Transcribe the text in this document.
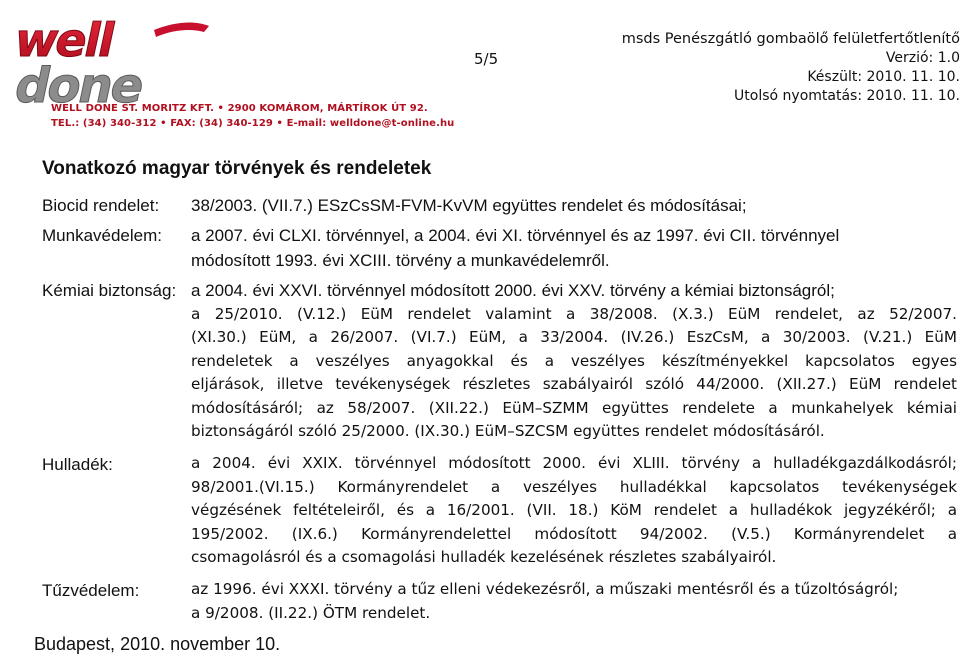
well
done
WELL DONE ST. MORITZ KFT. • 2900 KOMÁROM, MÁRTÍROK ÚT 92.
TEL.: (34) 340-312 • FAX: (34) 340-129 • E-mail: welldone@t-online.hu
5/5
msds Penészgátló gombaölő felületfertőtlenítő
Verzió: 1.0
Készült: 2010. 11. 10.
Utolsó nyomtatás: 2010. 11. 10.
Vonatkozó magyar törvények és rendeletek
Biocid rendelet:	38/2003. (VII.7.) ESzCsSM-FVM-KvVM együttes rendelet és módosításai;
Munkavédelem:	a 2007. évi CLXI. törvénnyel, a 2004. évi XI. törvénnyel és az 1997. évi CII. törvénnyel
módosított 1993. évi XCIII. törvény a munkavédelemről.
Kémiai biztonság: a 2004. évi XXVI. törvénnyel módosított 2000. évi XXV. törvény a kémiai biztonságról;
a 25/2010. (V.12.) EüM rendelet valamint a 38/2008. (X.3.) EüM rendelet, az 52/2007.
(XI.30.) EüM, a 26/2007. (VI.7.) EüM, a 33/2004. (IV.26.) EszCsM, a 30/2003. (V.21.) EüM
rendeletek a veszélyes anyagokkal és a veszélyes készítményekkel kapcsolatos egyes
eljárások, illetve tevékenységek részletes szabályairól szóló 44/2000. (XII.27.) EüM rendelet
módosításáról; az 58/2007. (XII.22.) EüM–SZMM együttes rendelete a munkahelyek kémiai
biztonságáról szóló 25/2000. (IX.30.) EüM–SZCSM együttes rendelet módosításáról.
Hulladék:	a 2004. évi XXIX. törvénnyel módosított 2000. évi XLIII. törvény a hulladékgazdálkodásról;
98/2001.(VI.15.) Kormányrendelet a veszélyes hulladékkal kapcsolatos tevékenységek
végzésének feltételeiről, és a 16/2001. (VII. 18.) KöM rendelet a hulladékok jegyzékéről; a
195/2002. (IX.6.) Kormányrendelettel módosított 94/2002. (V.5.) Kormányrendelet a
csomagolásról és a csomagolási hulladék kezelésének részletes szabályairól.
Tűzvédelem:	az 1996. évi XXXI. törvény a tűz elleni védekezésről, a műszaki mentésről és a tűzoltóságról;
a 9/2008. (II.22.) ÖTM rendelet.
Budapest, 2010. november 10.
